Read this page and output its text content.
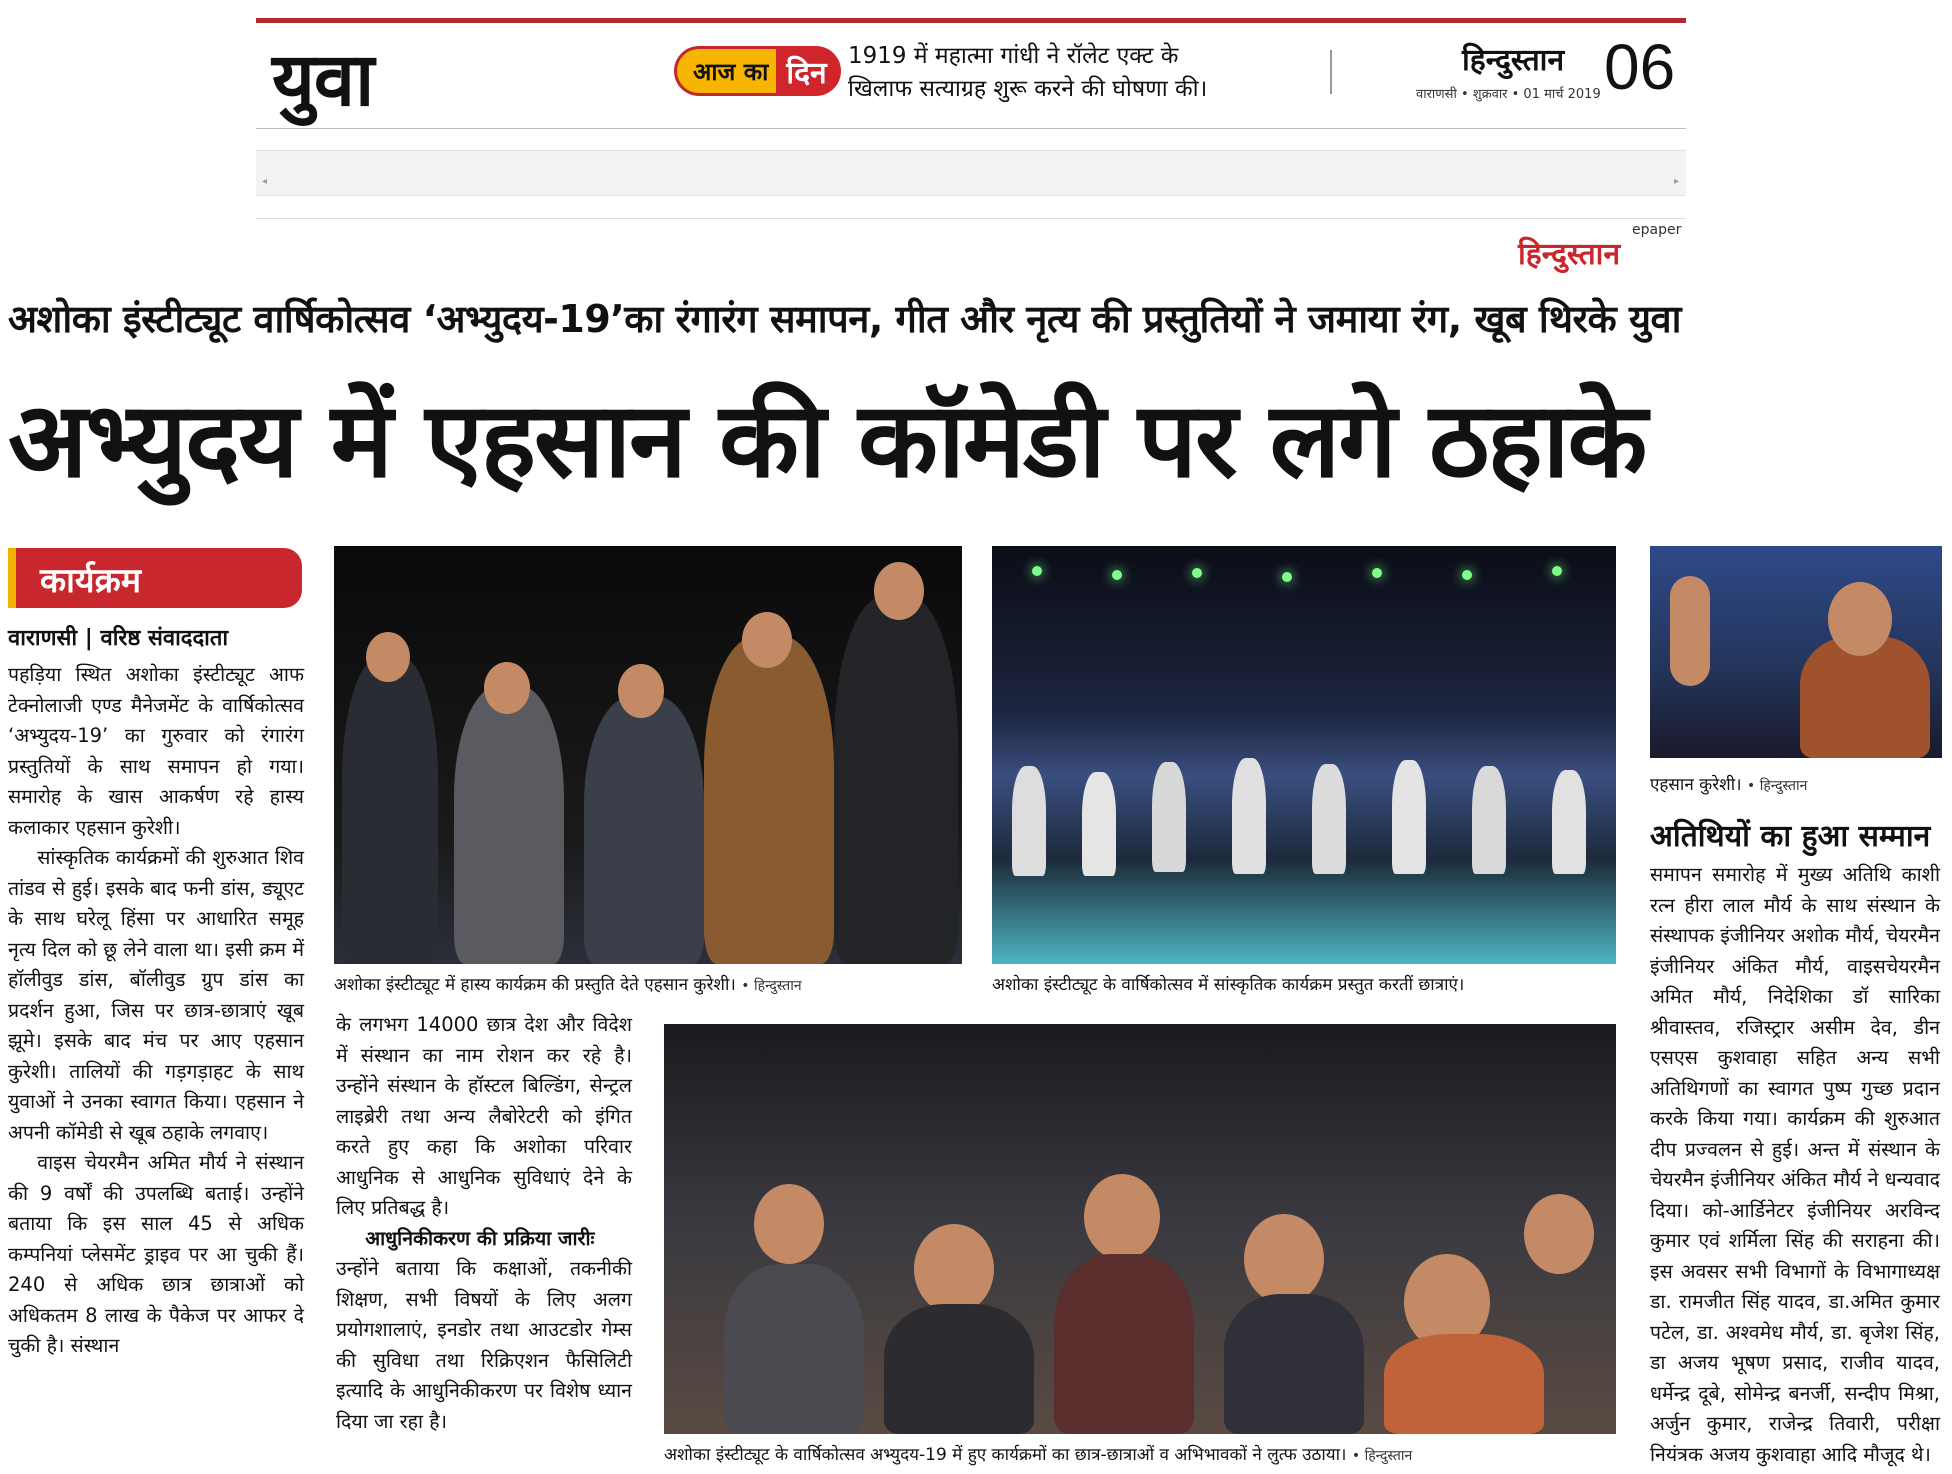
युवा	आज का दिन 1919 में महात्मा गांधी ने रॉलेट एक्ट के खिलाफ सत्याग्रह शुरू करने की घोषणा की।
हिन्दुस्तान
वाराणसी • शुक्रवार • 01 मार्च 2019 06
◂	▸
epaper
हिन्दुस्तान
अशोका इंस्टीट्यूट वार्षिकोत्सव ‘अभ्युदय-19’का रंगारंग समापन, गीत और नृत्य की प्रस्तुतियों ने जमाया रंग, खूब थिरके युवा
अभ्युदय में एहसान की कॉमेडी पर लगे ठहाके
कार्यक्रम
वाराणसी | वरिष्ठ संवाददाता

पहड़िया स्थित अशोका इंस्टीट्यूट आफ टेक्नोलाजी एण्ड मैनेजमेंट के वार्षिकोत्सव ‘अभ्युदय-19’ का गुरुवार को रंगारंग प्रस्तुतियों के साथ समापन हो गया। समारोह के खास आकर्षण रहे हास्य कलाकार एहसान कुरेशी।

सांस्कृतिक कार्यक्रमों की शुरुआत शिव तांडव से हुई। इसके बाद फनी डांस, ड्यूएट के साथ घरेलू हिंसा पर आधारित समूह नृत्य दिल को छू लेने वाला था। इसी क्रम में हॉलीवुड डांस, बॉलीवुड ग्रुप डांस का प्रदर्शन हुआ, जिस पर छात्र-छात्राएं खूब झूमे। इसके बाद मंच पर आए एहसान कुरेशी। तालियों की गड़गड़ाहट के साथ युवाओं ने उनका स्वागत किया। एहसान ने अपनी कॉमेडी से खूब ठहाके लगवाए।

वाइस चेयरमैन अमित मौर्य ने संस्थान की 9 वर्षों की उपलब्धि बताई। उन्होंने बताया कि इस साल 45 से अधिक कम्पनियां प्लेसमेंट ड्राइव पर आ चुकी हैं। 240 से अधिक छात्र छात्राओं को अधिकतम 8 लाख के पैकेज पर आफर दे चुकी है। संस्थान

के लगभग 14000 छात्र देश और विदेश में संस्थान का नाम रोशन कर रहे है। उन्होंने संस्थान के हॉस्टल बिल्डिंग, सेन्ट्रल लाइब्रेरी तथा अन्य लैबोरेटरी को इंगित करते हुए कहा कि अशोका परिवार आधुनिक से आधुनिक सुविधाएं देने के लिए प्रतिबद्ध है।

आधुनिकीकरण की प्रक्रिया जारीः

उन्होंने बताया कि कक्षाओं, तकनीकी शिक्षण, सभी विषयों के लिए अलग प्रयोगशालाएं, इनडोर तथा आउटडोर गेम्स की सुविधा तथा रिक्रिएशन फैसिलिटी इत्यादि के आधुनिकीकरण पर विशेष ध्यान दिया जा रहा है।

अशोका इंस्टीट्यूट में हास्य कार्यक्रम की प्रस्तुति देते एहसान कुरेशी। • हिन्दुस्तान	अशोका इंस्टीट्यूट के वार्षिकोत्सव में सांस्कृतिक कार्यक्रम प्रस्तुत करतीं छात्राएं।
अशोका इंस्टीट्यूट के वार्षिकोत्सव अभ्युदय-19 में हुए कार्यक्रमों का छात्र-छात्राओं व अभिभावकों ने लुत्फ उठाया। • हिन्दुस्तान
एहसान कुरेशी। • हिन्दुस्तान
अतिथियों का हुआ सम्मान

समापन समारोह में मुख्य अतिथि काशी रत्न हीरा लाल मौर्य के साथ संस्थान के संस्थापक इंजीनियर अशोक मौर्य, चेयरमैन इंजीनियर अंकित मौर्य, वाइसचेयरमैन अमित मौर्य, निदेशिका डॉ सारिका श्रीवास्तव, रजिस्ट्रार असीम देव, डीन एसएस कुशवाहा सहित अन्य सभी अतिथिगणों का स्वागत पुष्प गुच्छ प्रदान करके किया गया। कार्यक्रम की शुरुआत दीप प्रज्वलन से हुई। अन्त में संस्थान के चेयरमैन इंजीनियर अंकित मौर्य ने धन्यवाद दिया। को-आर्डिनेटर इंजीनियर अरविन्द कुमार एवं शर्मिला सिंह की सराहना की। इस अवसर सभी विभागों के विभागाध्यक्ष डा. रामजीत सिंह यादव, डा.अमित कुमार पटेल, डा. अश्वमेध मौर्य, डा. बृजेश सिंह, डा अजय भूषण प्रसाद, राजीव यादव, धर्मेन्द्र दूबे, सोमेन्द्र बनर्जी, सन्दीप मिश्रा, अर्जुन कुमार, राजेन्द्र तिवारी, परीक्षा नियंत्रक अजय कुशवाहा आदि मौजूद थे।
